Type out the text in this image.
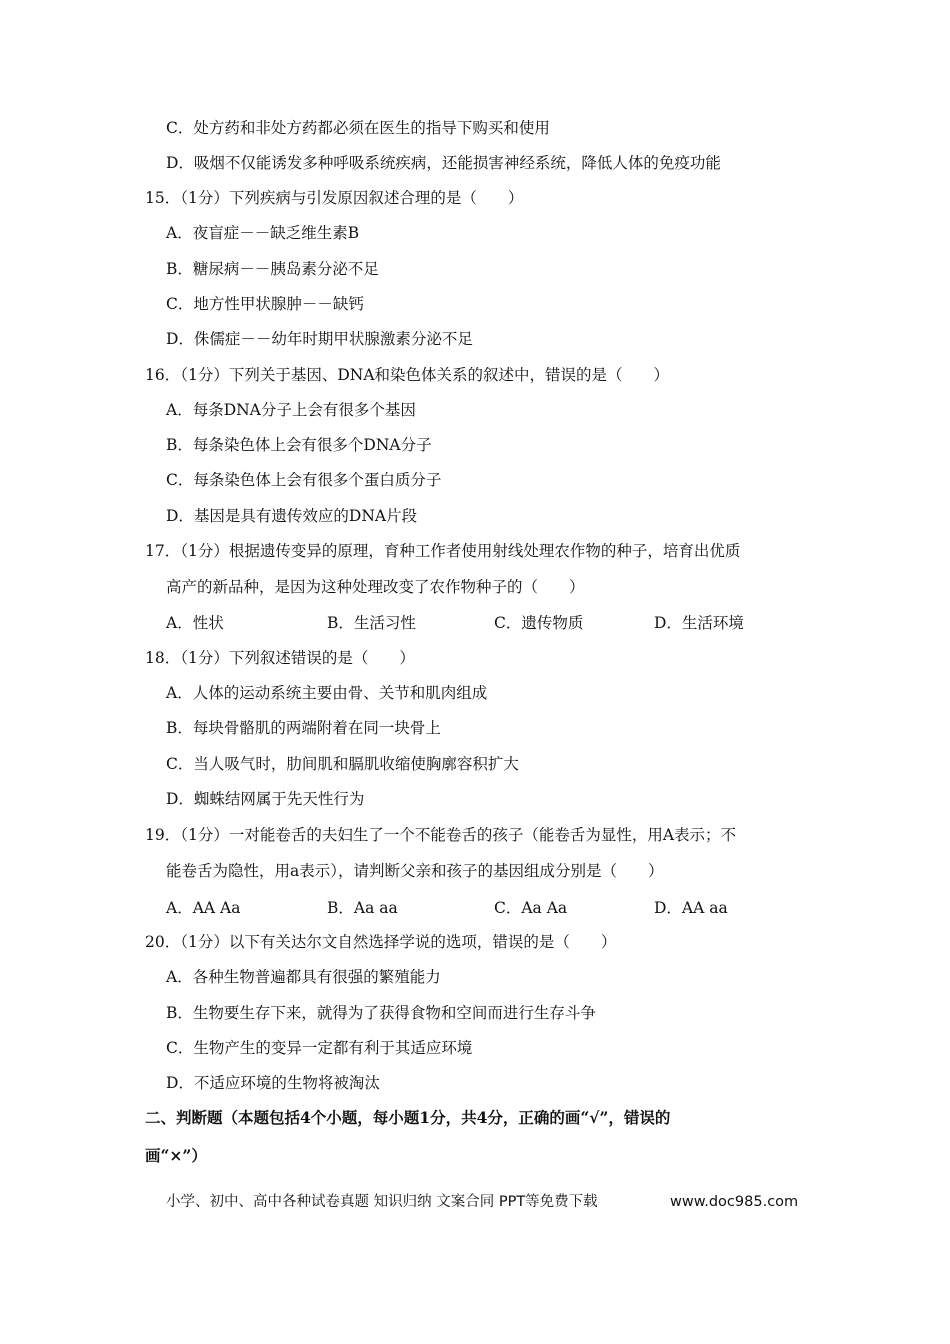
C．处方药和非处方药都必须在医生的指导下购买和使用
D．吸烟不仅能诱发多种呼吸系统疾病，还能损害神经系统，降低人体的免疫功能
15．（1分）下列疾病与引发原因叙述合理的是（　　）
A．夜盲症－－缺乏维生素B
B．糖尿病－－胰岛素分泌不足
C．地方性甲状腺肿－－缺钙
D．侏儒症－－幼年时期甲状腺激素分泌不足
16．（1分）下列关于基因、DNA和染色体关系的叙述中，错误的是（　　）
A．每条DNA分子上会有很多个基因
B．每条染色体上会有很多个DNA分子
C．每条染色体上会有很多个蛋白质分子
D．基因是具有遗传效应的DNA片段
17．（1分）根据遗传变异的原理，育种工作者使用射线处理农作物的种子，培育出优质
高产的新品种，是因为这种处理改变了农作物种子的（　　）
A．性状	B．生活习性	C．遗传物质	D．生活环境
18．（1分）下列叙述错误的是（　　）
A．人体的运动系统主要由骨、关节和肌肉组成
B．每块骨骼肌的两端附着在同一块骨上
C．当人吸气时，肋间肌和膈肌收缩使胸廓容积扩大
D．蜘蛛结网属于先天性行为
19．（1分）一对能卷舌的夫妇生了一个不能卷舌的孩子（能卷舌为显性，用A表示；不
能卷舌为隐性，用a表示），请判断父亲和孩子的基因组成分别是（　　）
A．AA Aa	B．Aa aa	C．Aa Aa	D．AA aa
20．（1分）以下有关达尔文自然选择学说的选项，错误的是（　　）
A．各种生物普遍都具有很强的繁殖能力
B．生物要生存下来，就得为了获得食物和空间而进行生存斗争
C．生物产生的变异一定都有利于其适应环境
D．不适应环境的生物将被淘汰
二、判断题（本题包括4个小题，每小题1分，共4分，正确的画“√”，错误的
画“×”）
小学、初中、高中各种试卷真题 知识归纳 文案合同 PPT等免费下载	www.doc985.com
